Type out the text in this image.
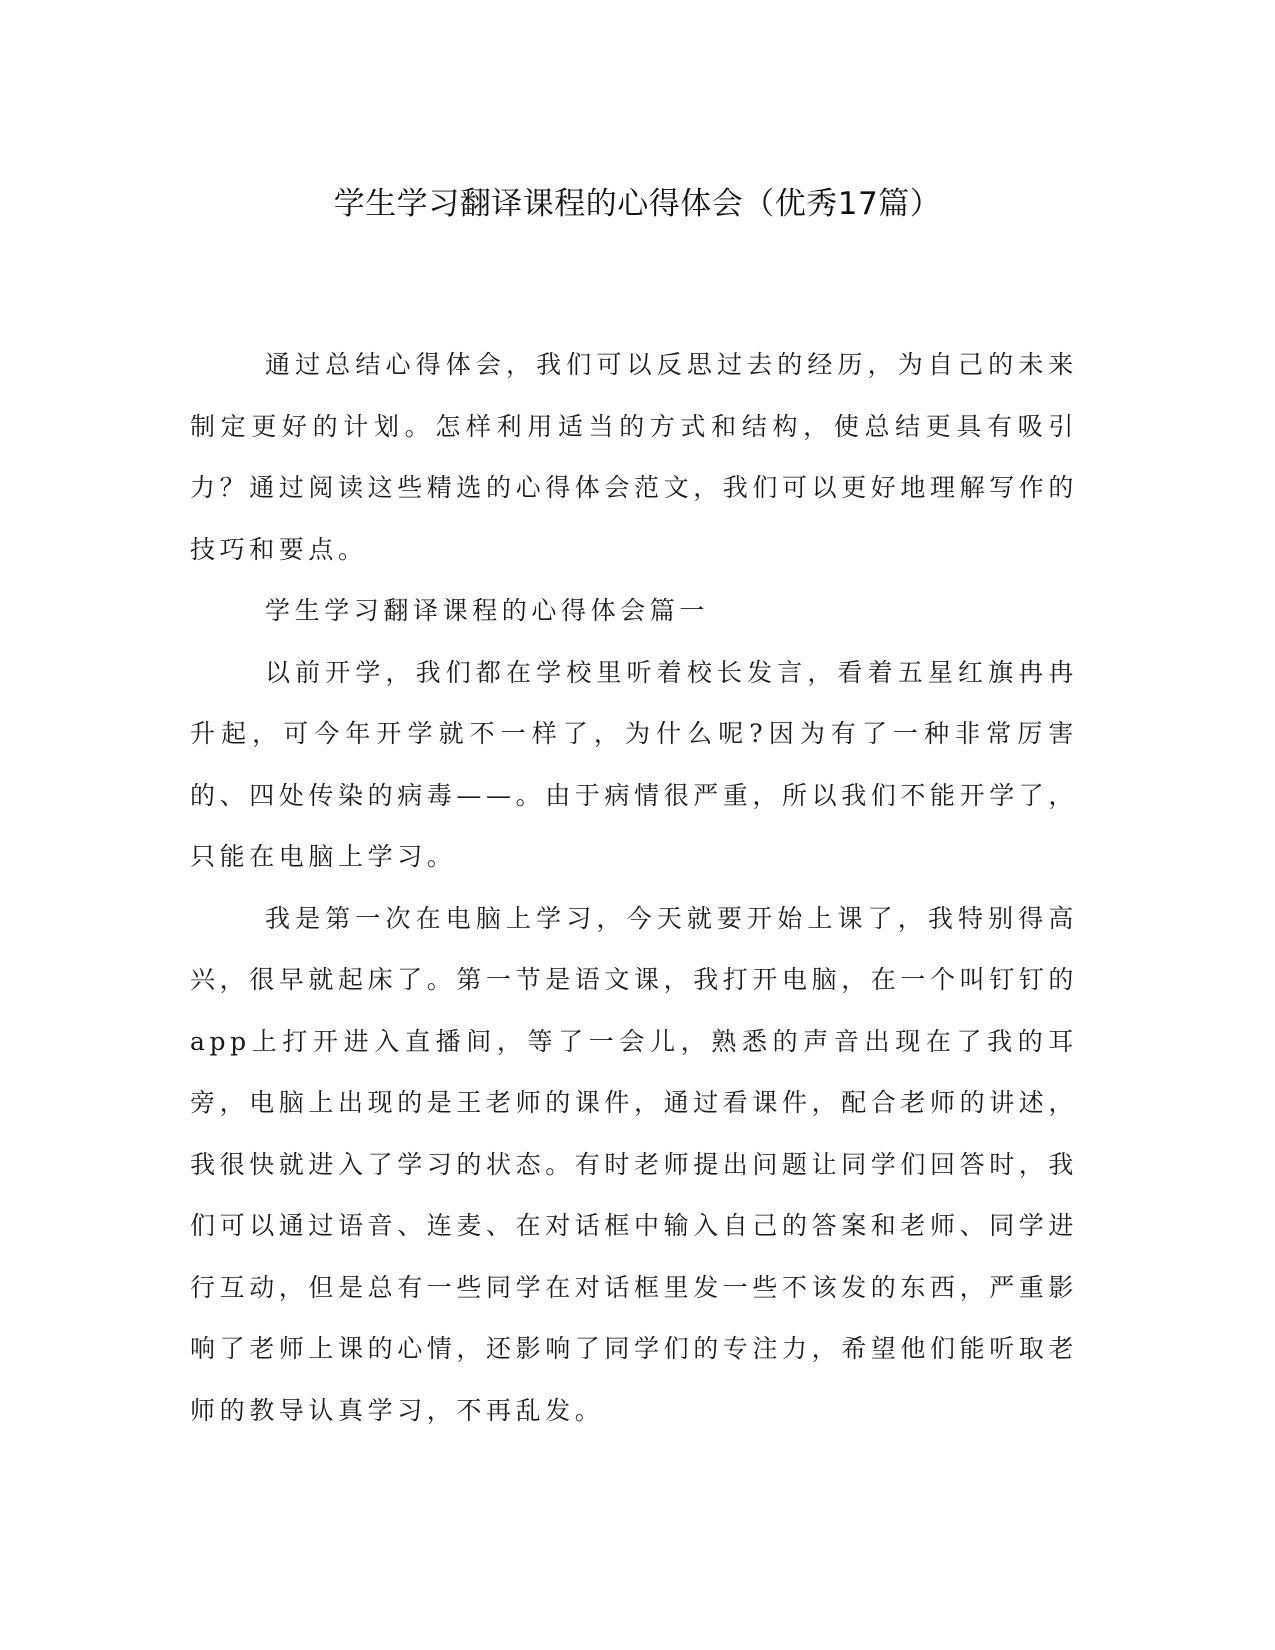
学生学习翻译课程的心得体会（优秀17篇）

通过总结心得体会，我们可以反思过去的经历，为自己的未来制定更好的计划。怎样利用适当的方式和结构，使总结更具有吸引力？通过阅读这些精选的心得体会范文，我们可以更好地理解写作的技巧和要点。

学生学习翻译课程的心得体会篇一

以前开学，我们都在学校里听着校长发言，看着五星红旗冉冉升起，可今年开学就不一样了，为什么呢?因为有了一种非常厉害的、四处传染的病毒——。由于病情很严重，所以我们不能开学了，只能在电脑上学习。

我是第一次在电脑上学习，今天就要开始上课了，我特别得高兴，很早就起床了。第一节是语文课，我打开电脑，在一个叫钉钉的app上打开进入直播间，等了一会儿，熟悉的声音出现在了我的耳旁，电脑上出现的是王老师的课件，通过看课件，配合老师的讲述，我很快就进入了学习的状态。有时老师提出问题让同学们回答时，我们可以通过语音、连麦、在对话框中输入自己的答案和老师、同学进行互动，但是总有一些同学在对话框里发一些不该发的东西，严重影响了老师上课的心情，还影响了同学们的专注力，希望他们能听取老师的教导认真学习，不再乱发。
